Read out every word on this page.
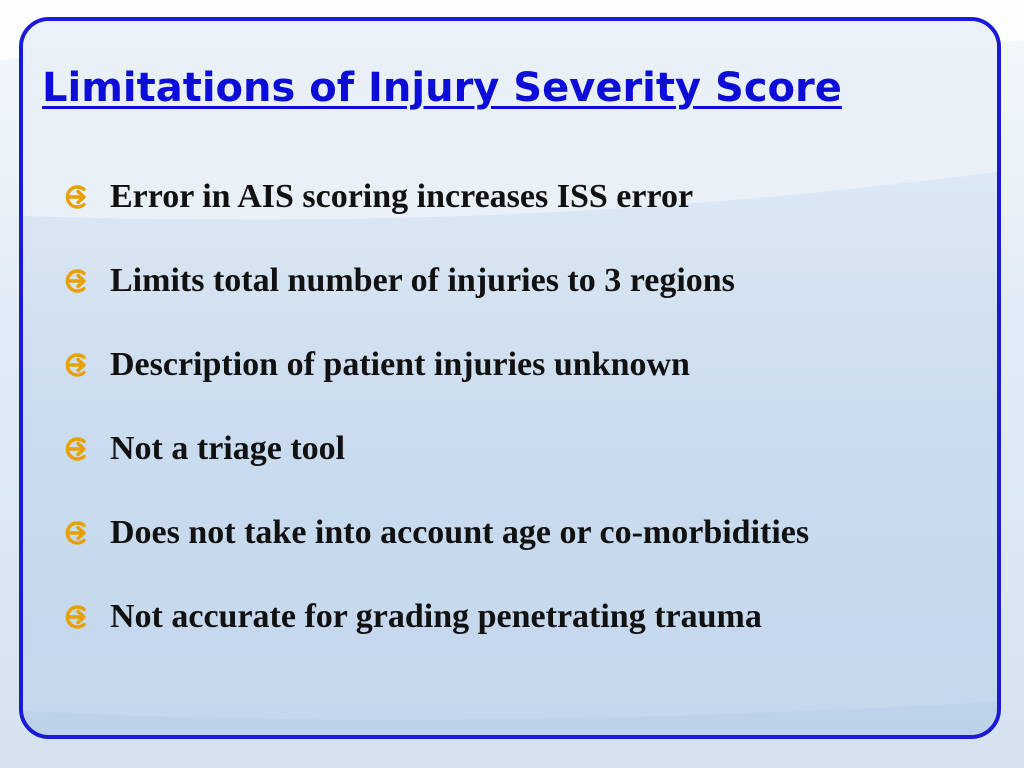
Limitations of Injury Severity Score
Error in AIS scoring increases ISS error
Limits total number of injuries to 3 regions
Description of patient injuries unknown
Not a triage tool
Does not take into account age or co-morbidities
Not accurate for grading penetrating trauma
